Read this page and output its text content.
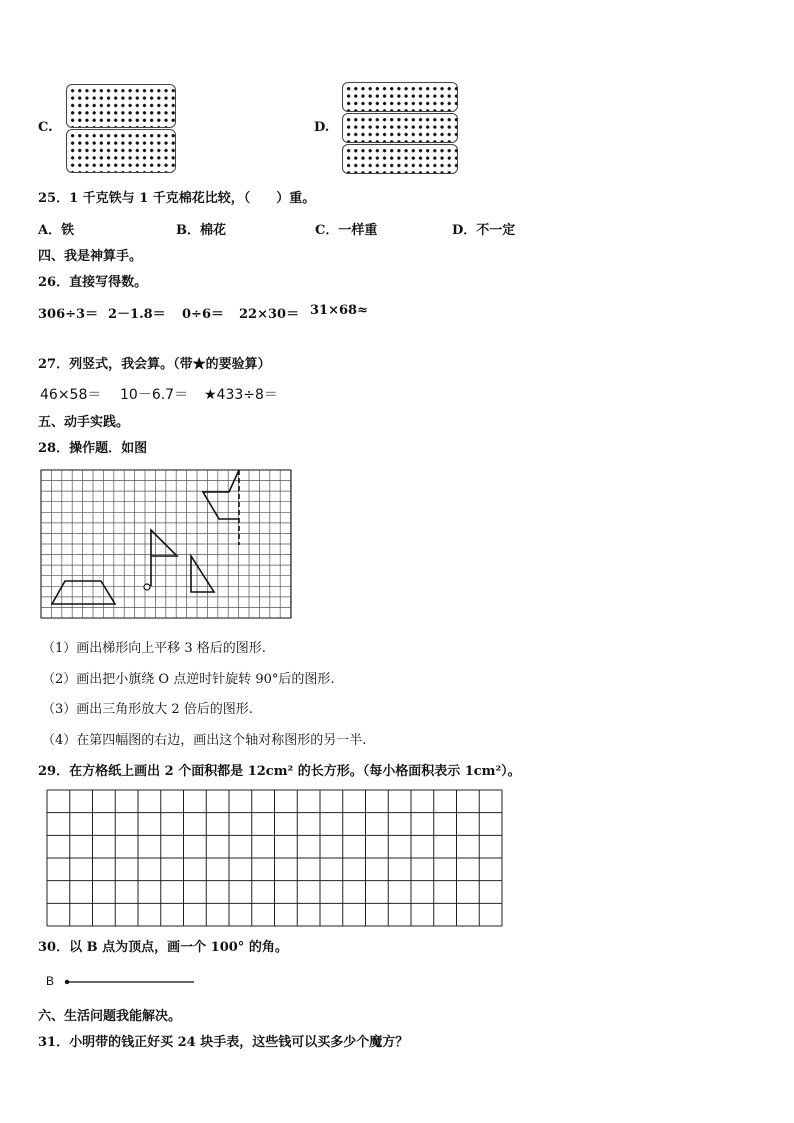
C.	D.
25．1 千克铁与 1 千克棉花比较，（　　）重。
A．铁	B．棉花	C．一样重	D．不一定
四、我是神算手。
26．直接写得数。
306÷3＝ 2－1.8＝ 0÷6＝ 22×30＝ 31×68≈
27．列竖式，我会算。（带★的要验算）
46×58＝ 10－6.7＝ ★433÷8＝
五、动手实践。
28．操作题．如图
（1）画出梯形向上平移 3 格后的图形.
（2）画出把小旗绕 O 点逆时针旋转 90°后的图形.
（3）画出三角形放大 2 倍后的图形.
（4）在第四幅图的右边，画出这个轴对称图形的另一半.
29．在方格纸上画出 2 个面积都是 12cm² 的长方形。（每小格面积表示 1cm²）。
30．以 B 点为顶点，画一个 100° 的角。
B
六、生活问题我能解决。
31．小明带的钱正好买 24 块手表，这些钱可以买多少个魔方？
